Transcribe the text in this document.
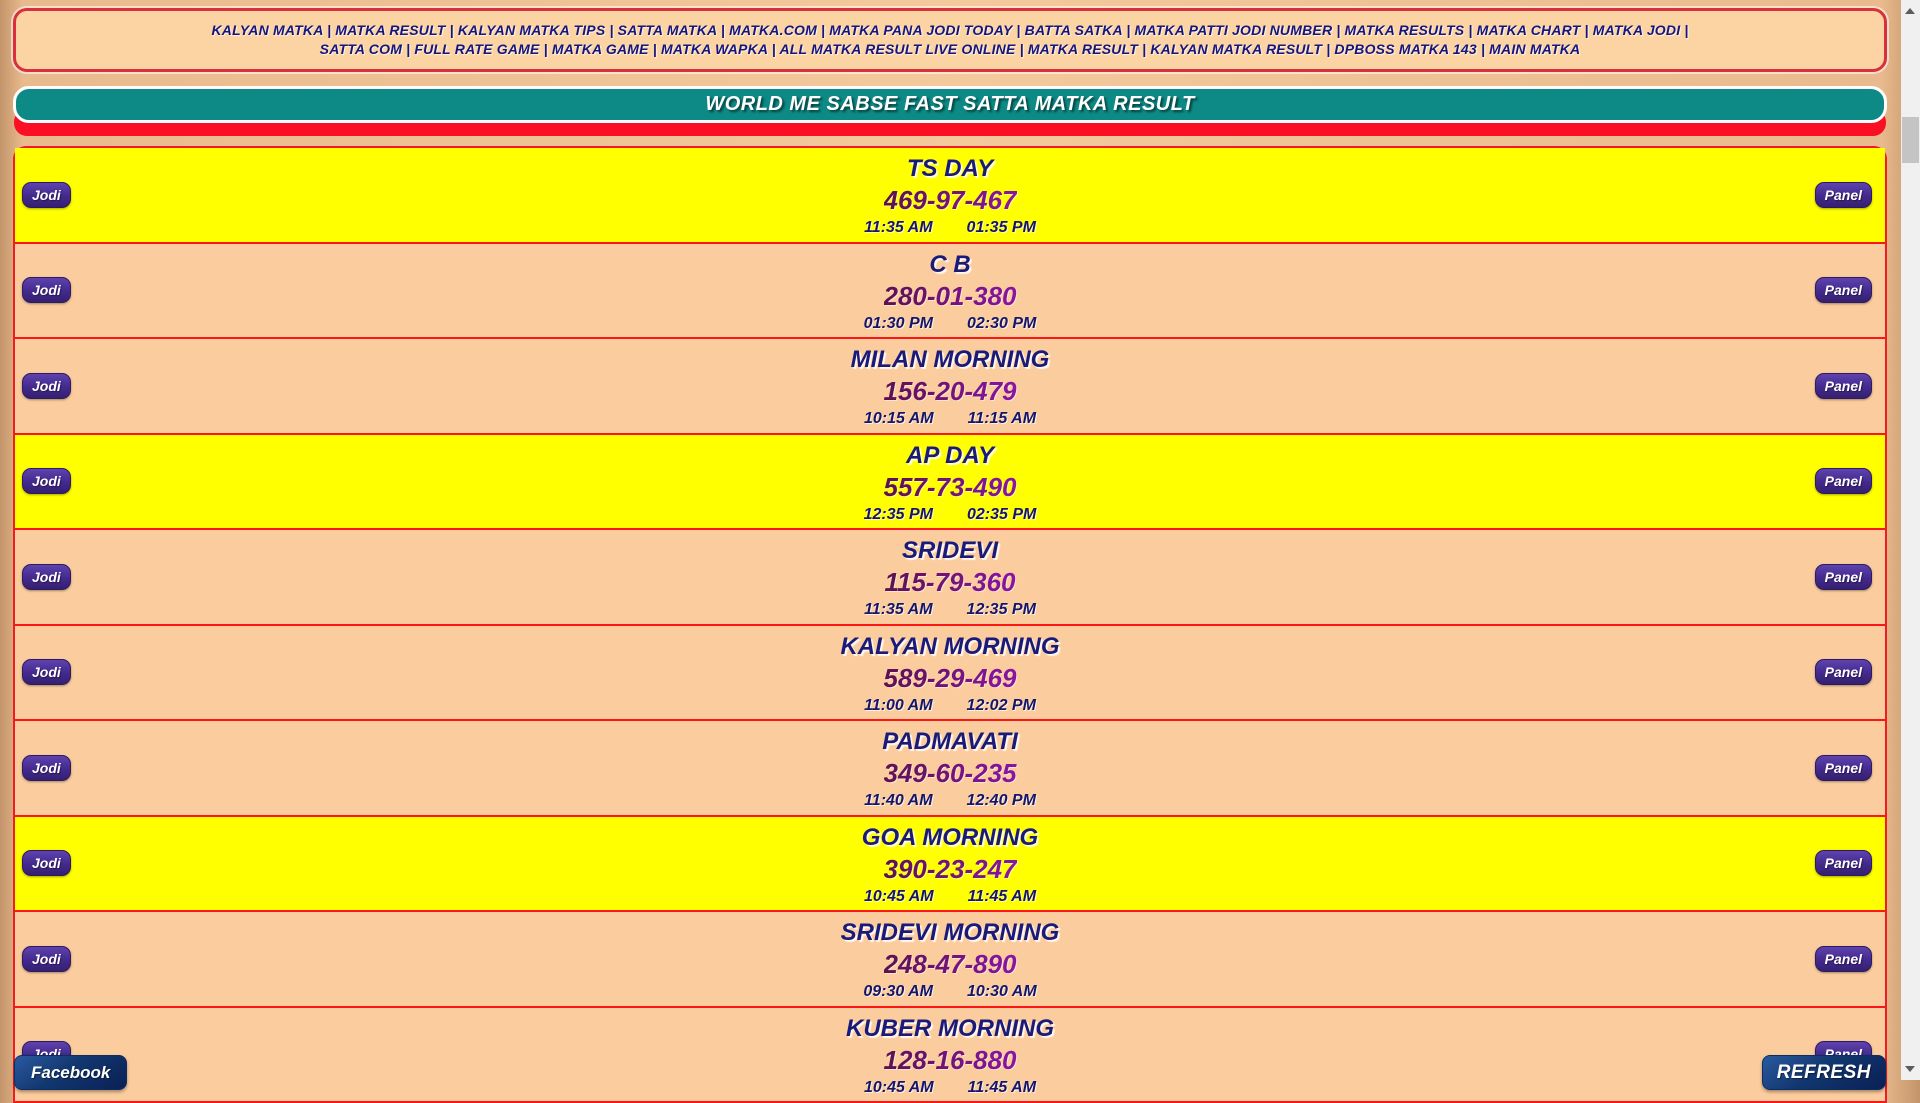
KALYAN MATKA | MATKA RESULT | KALYAN MATKA TIPS | SATTA MATKA | MATKA.COM | MATKA PANA JODI TODAY | BATTA SATKA | MATKA PATTI JODI NUMBER | MATKA RESULTS | MATKA CHART | MATKA JODI |
SATTA COM | FULL RATE GAME | MATKA GAME | MATKA WAPKA | ALL MATKA RESULT LIVE ONLINE | MATKA RESULT | KALYAN MATKA RESULT | DPBOSS MATKA 143 | MAIN MATKA
WORLD ME SABSE FAST SATTA MATKA RESULT
Jodi
TS DAY
469-97-467
11:35 AM 01:35 PM
Panel
Jodi
C B
280-01-380
01:30 PM 02:30 PM
Panel
Jodi
MILAN MORNING
156-20-479
10:15 AM 11:15 AM
Panel
Jodi
AP DAY
557-73-490
12:35 PM 02:35 PM
Panel
Jodi
SRIDEVI
115-79-360
11:35 AM 12:35 PM
Panel
Jodi
KALYAN MORNING
589-29-469
11:00 AM 12:02 PM
Panel
Jodi
PADMAVATI
349-60-235
11:40 AM 12:40 PM
Panel
Jodi
GOA MORNING
390-23-247
10:45 AM 11:45 AM
Panel
Jodi
SRIDEVI MORNING
248-47-890
09:30 AM 10:30 AM
Panel
KUBER MORNING
128-16-880
10:45 AM 11:45 AM
Facebook	REFRESH
